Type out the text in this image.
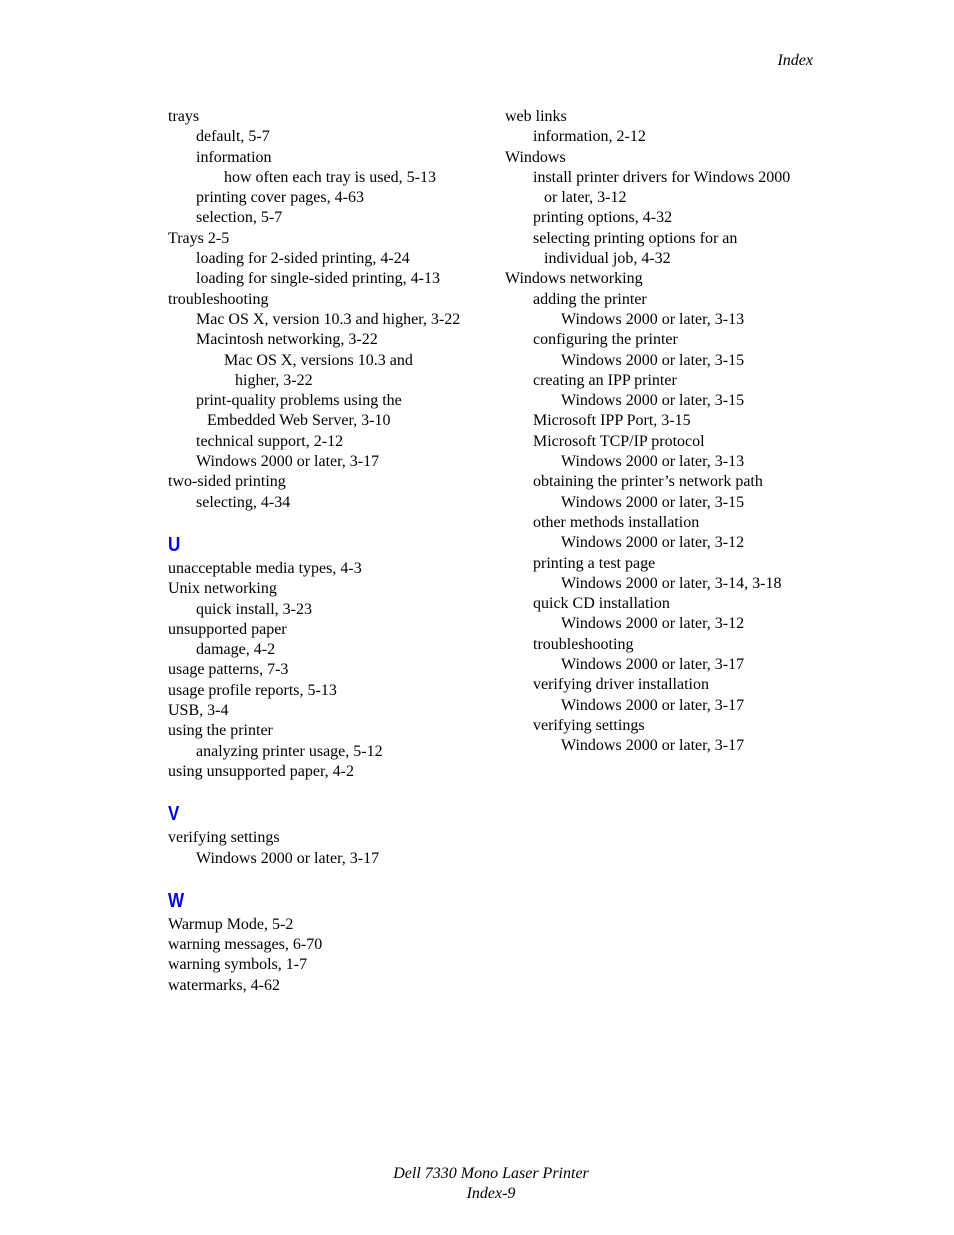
Index
trays
default, 5-7
information
how often each tray is used, 5-13
printing cover pages, 4-63
selection, 5-7
Trays 2-5
loading for 2-sided printing, 4-24
loading for single-sided printing, 4-13
troubleshooting
Mac OS X, version 10.3 and higher, 3-22
Macintosh networking, 3-22
Mac OS X, versions 10.3 and
higher, 3-22
print-quality problems using the
Embedded Web Server, 3-10
technical support, 2-12
Windows 2000 or later, 3-17
two-sided printing
selecting, 4-34
U
unacceptable media types, 4-3
Unix networking
quick install, 3-23
unsupported paper
damage, 4-2
usage patterns, 7-3
usage profile reports, 5-13
USB, 3-4
using the printer
analyzing printer usage, 5-12
using unsupported paper, 4-2
V
verifying settings
Windows 2000 or later, 3-17
W
Warmup Mode, 5-2
warning messages, 6-70
warning symbols, 1-7
watermarks, 4-62
web links
information, 2-12
Windows
install printer drivers for Windows 2000
or later, 3-12
printing options, 4-32
selecting printing options for an
individual job, 4-32
Windows networking
adding the printer
Windows 2000 or later, 3-13
configuring the printer
Windows 2000 or later, 3-15
creating an IPP printer
Windows 2000 or later, 3-15
Microsoft IPP Port, 3-15
Microsoft TCP/IP protocol
Windows 2000 or later, 3-13
obtaining the printer’s network path
Windows 2000 or later, 3-15
other methods installation
Windows 2000 or later, 3-12
printing a test page
Windows 2000 or later, 3-14, 3-18
quick CD installation
Windows 2000 or later, 3-12
troubleshooting
Windows 2000 or later, 3-17
verifying driver installation
Windows 2000 or later, 3-17
verifying settings
Windows 2000 or later, 3-17
Dell 7330 Mono Laser Printer
Index-9
